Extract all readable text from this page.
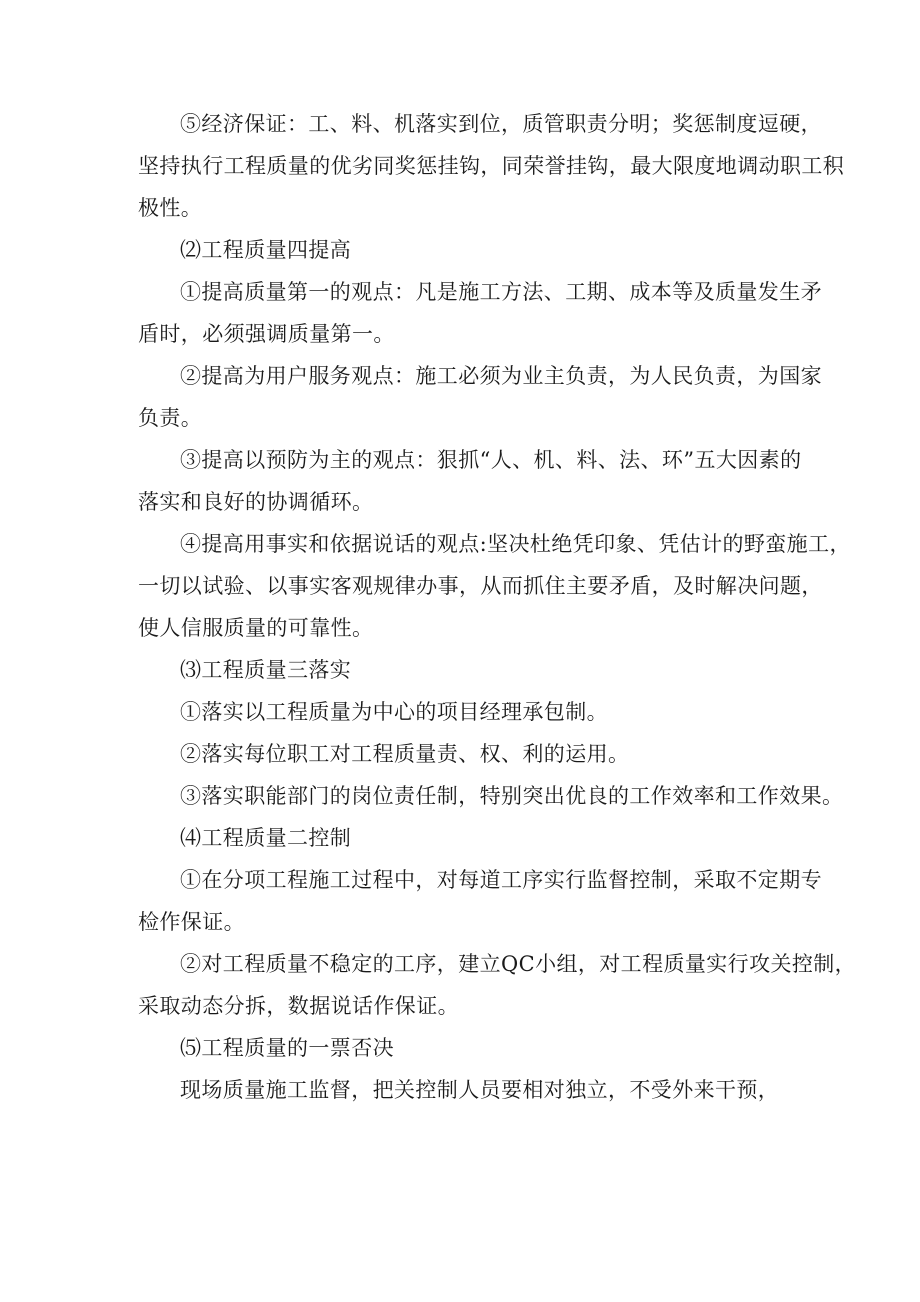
⑤经济保证：工、料、机落实到位，质管职责分明；奖惩制度逗硬，
坚持执行工程质量的优劣同奖惩挂钩，同荣誉挂钩，最大限度地调动职工积
极性。

⑵工程质量四提高

①提高质量第一的观点：凡是施工方法、工期、成本等及质量发生矛
盾时，必须强调质量第一。

②提高为用户服务观点：施工必须为业主负责，为人民负责，为国家
负责。

③提高以预防为主的观点：狠抓“人、机、料、法、环”五大因素的
落实和良好的协调循环。

④提高用事实和依据说话的观点:坚决杜绝凭印象、凭估计的野蛮施工，
一切以试验、以事实客观规律办事，从而抓住主要矛盾，及时解决问题，
使人信服质量的可靠性。

⑶工程质量三落实

①落实以工程质量为中心的项目经理承包制。

②落实每位职工对工程质量责、权、利的运用。

③落实职能部门的岗位责任制，特别突出优良的工作效率和工作效果。

⑷工程质量二控制

①在分项工程施工过程中，对每道工序实行监督控制，采取不定期专
检作保证。

②对工程质量不稳定的工序，建立QC小组，对工程质量实行攻关控制，
采取动态分拆，数据说话作保证。

⑸工程质量的一票否决

现场质量施工监督，把关控制人员要相对独立，不受外来干预，
